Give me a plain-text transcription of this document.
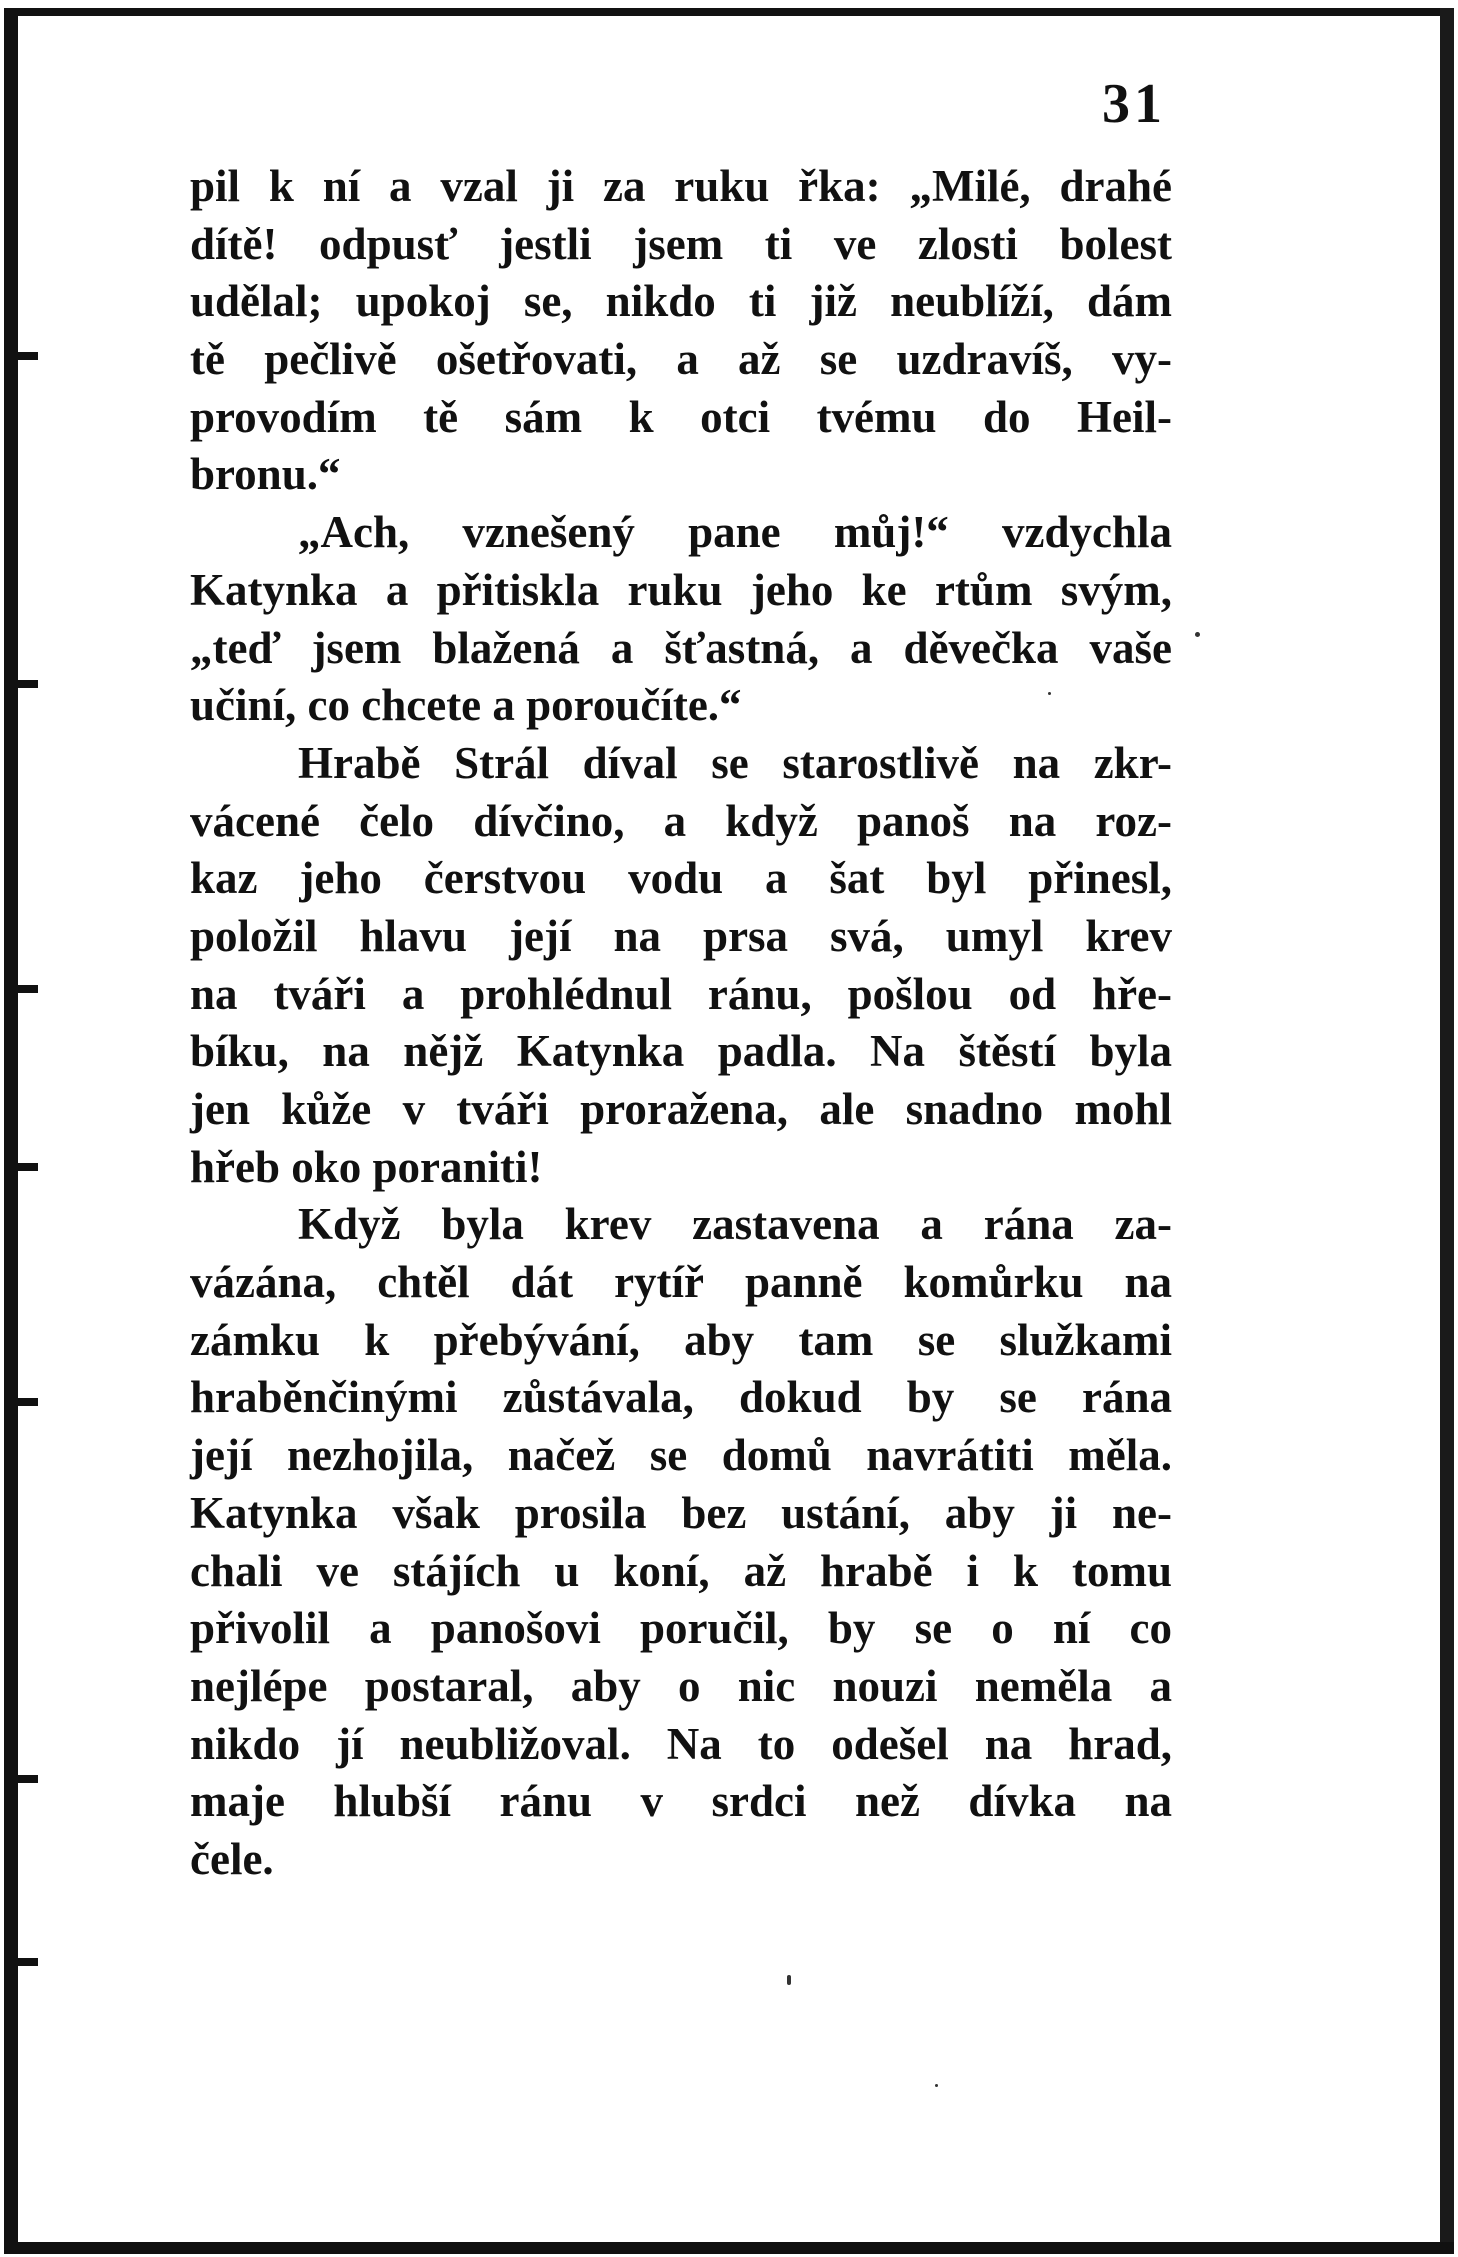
31
pil k ní a vzal ji za ruku řka: „Milé, drahé
dítě! odpusť jestli jsem ti ve zlosti bolest
udělal; upokoj se, nikdo ti již neublíží, dám
tě pečlivě ošetřovati, a až se uzdravíš, vy-
provodím tě sám k otci tvému do Heil-
bronu.“
„Ach, vznešený pane můj!“ vzdychla
Katynka a přitiskla ruku jeho ke rtům svým,
„teď jsem blažená a šťastná, a děvečka vaše
učiní, co chcete a poroučíte.“
Hrabě Strál díval se starostlivě na zkr-
vácené čelo dívčino, a když panoš na roz-
kaz jeho čerstvou vodu a šat byl přinesl,
položil hlavu její na prsa svá, umyl krev
na tváři a prohlédnul ránu, pošlou od hře-
bíku, na nějž Katynka padla. Na štěstí byla
jen kůže v tváři proražena, ale snadno mohl
hřeb oko poraniti!
Když byla krev zastavena a rána za-
vázána, chtěl dát rytíř panně komůrku na
zámku k přebývání, aby tam se služkami
hraběnčinými zůstávala, dokud by se rána
její nezhojila, načež se domů navrátiti měla.
Katynka však prosila bez ustání, aby ji ne-
chali ve stájích u koní, až hrabě i k tomu
přivolil a panošovi poručil, by se o ní co
nejlépe postaral, aby o nic nouzi neměla a
nikdo jí neubližoval. Na to odešel na hrad,
maje hlubší ránu v srdci než dívka na
čele.
